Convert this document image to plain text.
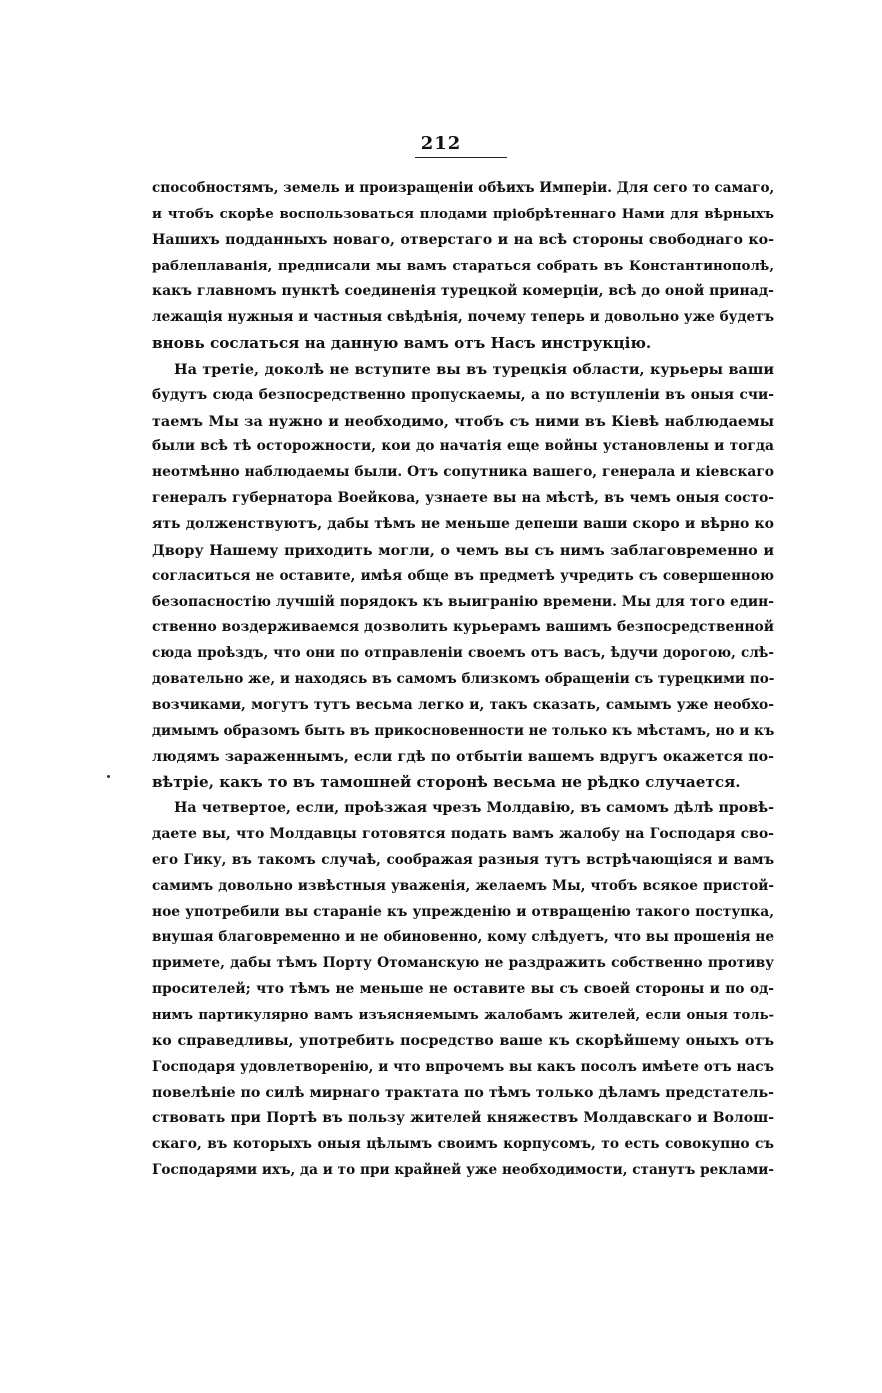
212
способностямъ, земель и произращеніи обѣихъ Имперіи. Для сего то самаго,
и чтобъ скорѣе воспользоваться плодами пріобрѣтеннаго Нами для вѣрныхъ
Нашихъ подданныхъ новаго, отверстаго и на всѣ стороны свободнаго ко-
раблеплаванія, предписали мы вамъ стараться собрать въ Константинополѣ,
какъ главномъ пунктѣ соединенія турецкой комерціи, всѣ до оной принад-
лежащія нужныя и частныя свѣдѣнія, почему теперь и довольно уже будетъ
вновь сослаться на данную вамъ отъ Насъ инструкцію.
На третіе, доколѣ не вступите вы въ турецкія области, курьеры ваши
будутъ сюда безпосредственно пропускаемы, а по вступленіи въ оныя счи-
таемъ Мы за нужно и необходимо, чтобъ съ ними въ Кіевѣ наблюдаемы
были всѣ тѣ осторожности, кои до начатія еще войны установлены и тогда
неотмѣнно наблюдаемы были. Отъ сопутника вашего, генерала и кіевскаго
генералъ губернатора Воейкова, узнаете вы на мѣстѣ, въ чемъ оныя состо-
ять долженствуютъ, дабы тѣмъ не меньше депеши ваши скоро и вѣрно ко
Двору Нашему приходить могли, о чемъ вы съ нимъ заблаговременно и
согласиться не оставите, имѣя обще въ предметѣ учредить съ совершенною
безопасностію лучшій порядокъ къ выигранію времени. Мы для того един-
ственно воздерживаемся дозволить курьерамъ вашимъ безпосредственной
сюда проѣздъ, что они по отправленіи своемъ отъ васъ, ѣдучи дорогою, слѣ-
довательно же, и находясь въ самомъ близкомъ обращеніи съ турецкими по-
возчиками, могутъ тутъ весьма легко и, такъ сказать, самымъ уже необхо-
димымъ образомъ быть въ прикосновенности не только къ мѣстамъ, но и къ
людямъ зараженнымъ, если гдѣ по отбытіи вашемъ вдругъ окажется по-
вѣтріе, какъ то въ тамошней сторонѣ весьма не рѣдко случается.
На четвертое, если, проѣзжая чрезъ Молдавію, въ самомъ дѣлѣ провѣ-
даете вы, что Молдавцы готовятся подать вамъ жалобу на Господаря сво-
его Гику, въ такомъ случаѣ, соображая разныя тутъ встрѣчающіяся и вамъ
самимъ довольно извѣстныя уваженія, желаемъ Мы, чтобъ всякое пристой-
ное употребили вы стараніе къ упрежденію и отвращенію такого поступка,
внушая благовременно и не обиновенно, кому слѣдуетъ, что вы прошенія не
примете, дабы тѣмъ Порту Отоманскую не раздражить собственно противу
просителей; что тѣмъ не меньше не оставите вы съ своей стороны и по од-
нимъ партикулярно вамъ изъясняемымъ жалобамъ жителей, если оныя толь-
ко справедливы, употребить посредство ваше къ скорѣйшему оныхъ отъ
Господаря удовлетворенію, и что впрочемъ вы какъ посолъ имѣете отъ насъ
повелѣніе по силѣ мирнаго трактата по тѣмъ только дѣламъ предстатель-
ствовать при Портѣ въ пользу жителей княжествъ Молдавскаго и Волош-
скаго, въ которыхъ оныя цѣлымъ своимъ корпусомъ, то есть совокупно съ
Господарями ихъ, да и то при крайней уже необходимости, станутъ реклами-
